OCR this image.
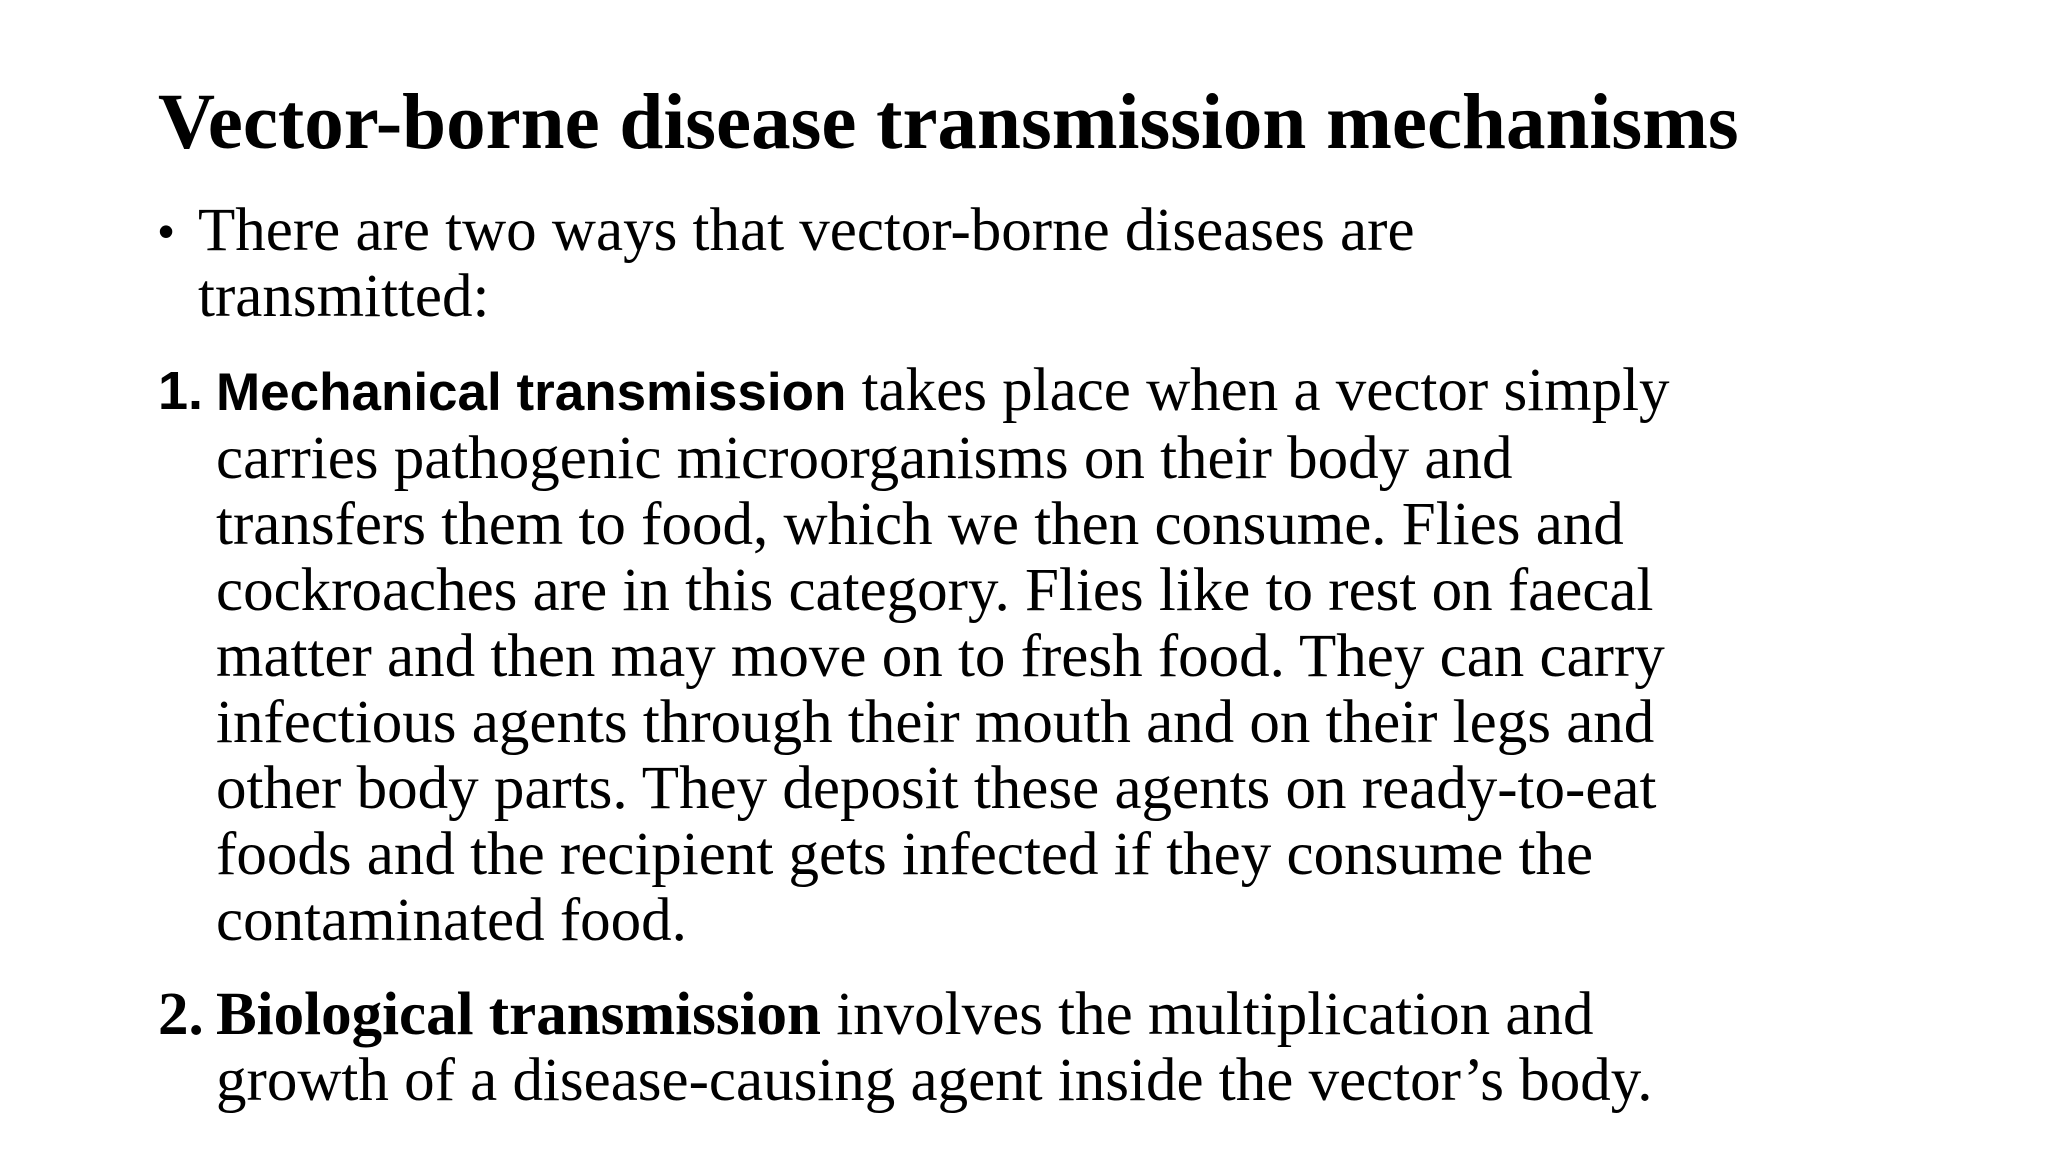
Vector-borne disease transmission mechanisms
• There are two ways that vector-borne diseases are
transmitted:
1. Mechanical transmission takes place when a vector simply
carries pathogenic microorganisms on their body and
transfers them to food, which we then consume. Flies and
cockroaches are in this category. Flies like to rest on faecal
matter and then may move on to fresh food. They can carry
infectious agents through their mouth and on their legs and
other body parts. They deposit these agents on ready-to-eat
foods and the recipient gets infected if they consume the
contaminated food.
2. Biological transmission involves the multiplication and
growth of a disease-causing agent inside the vector’s body.
